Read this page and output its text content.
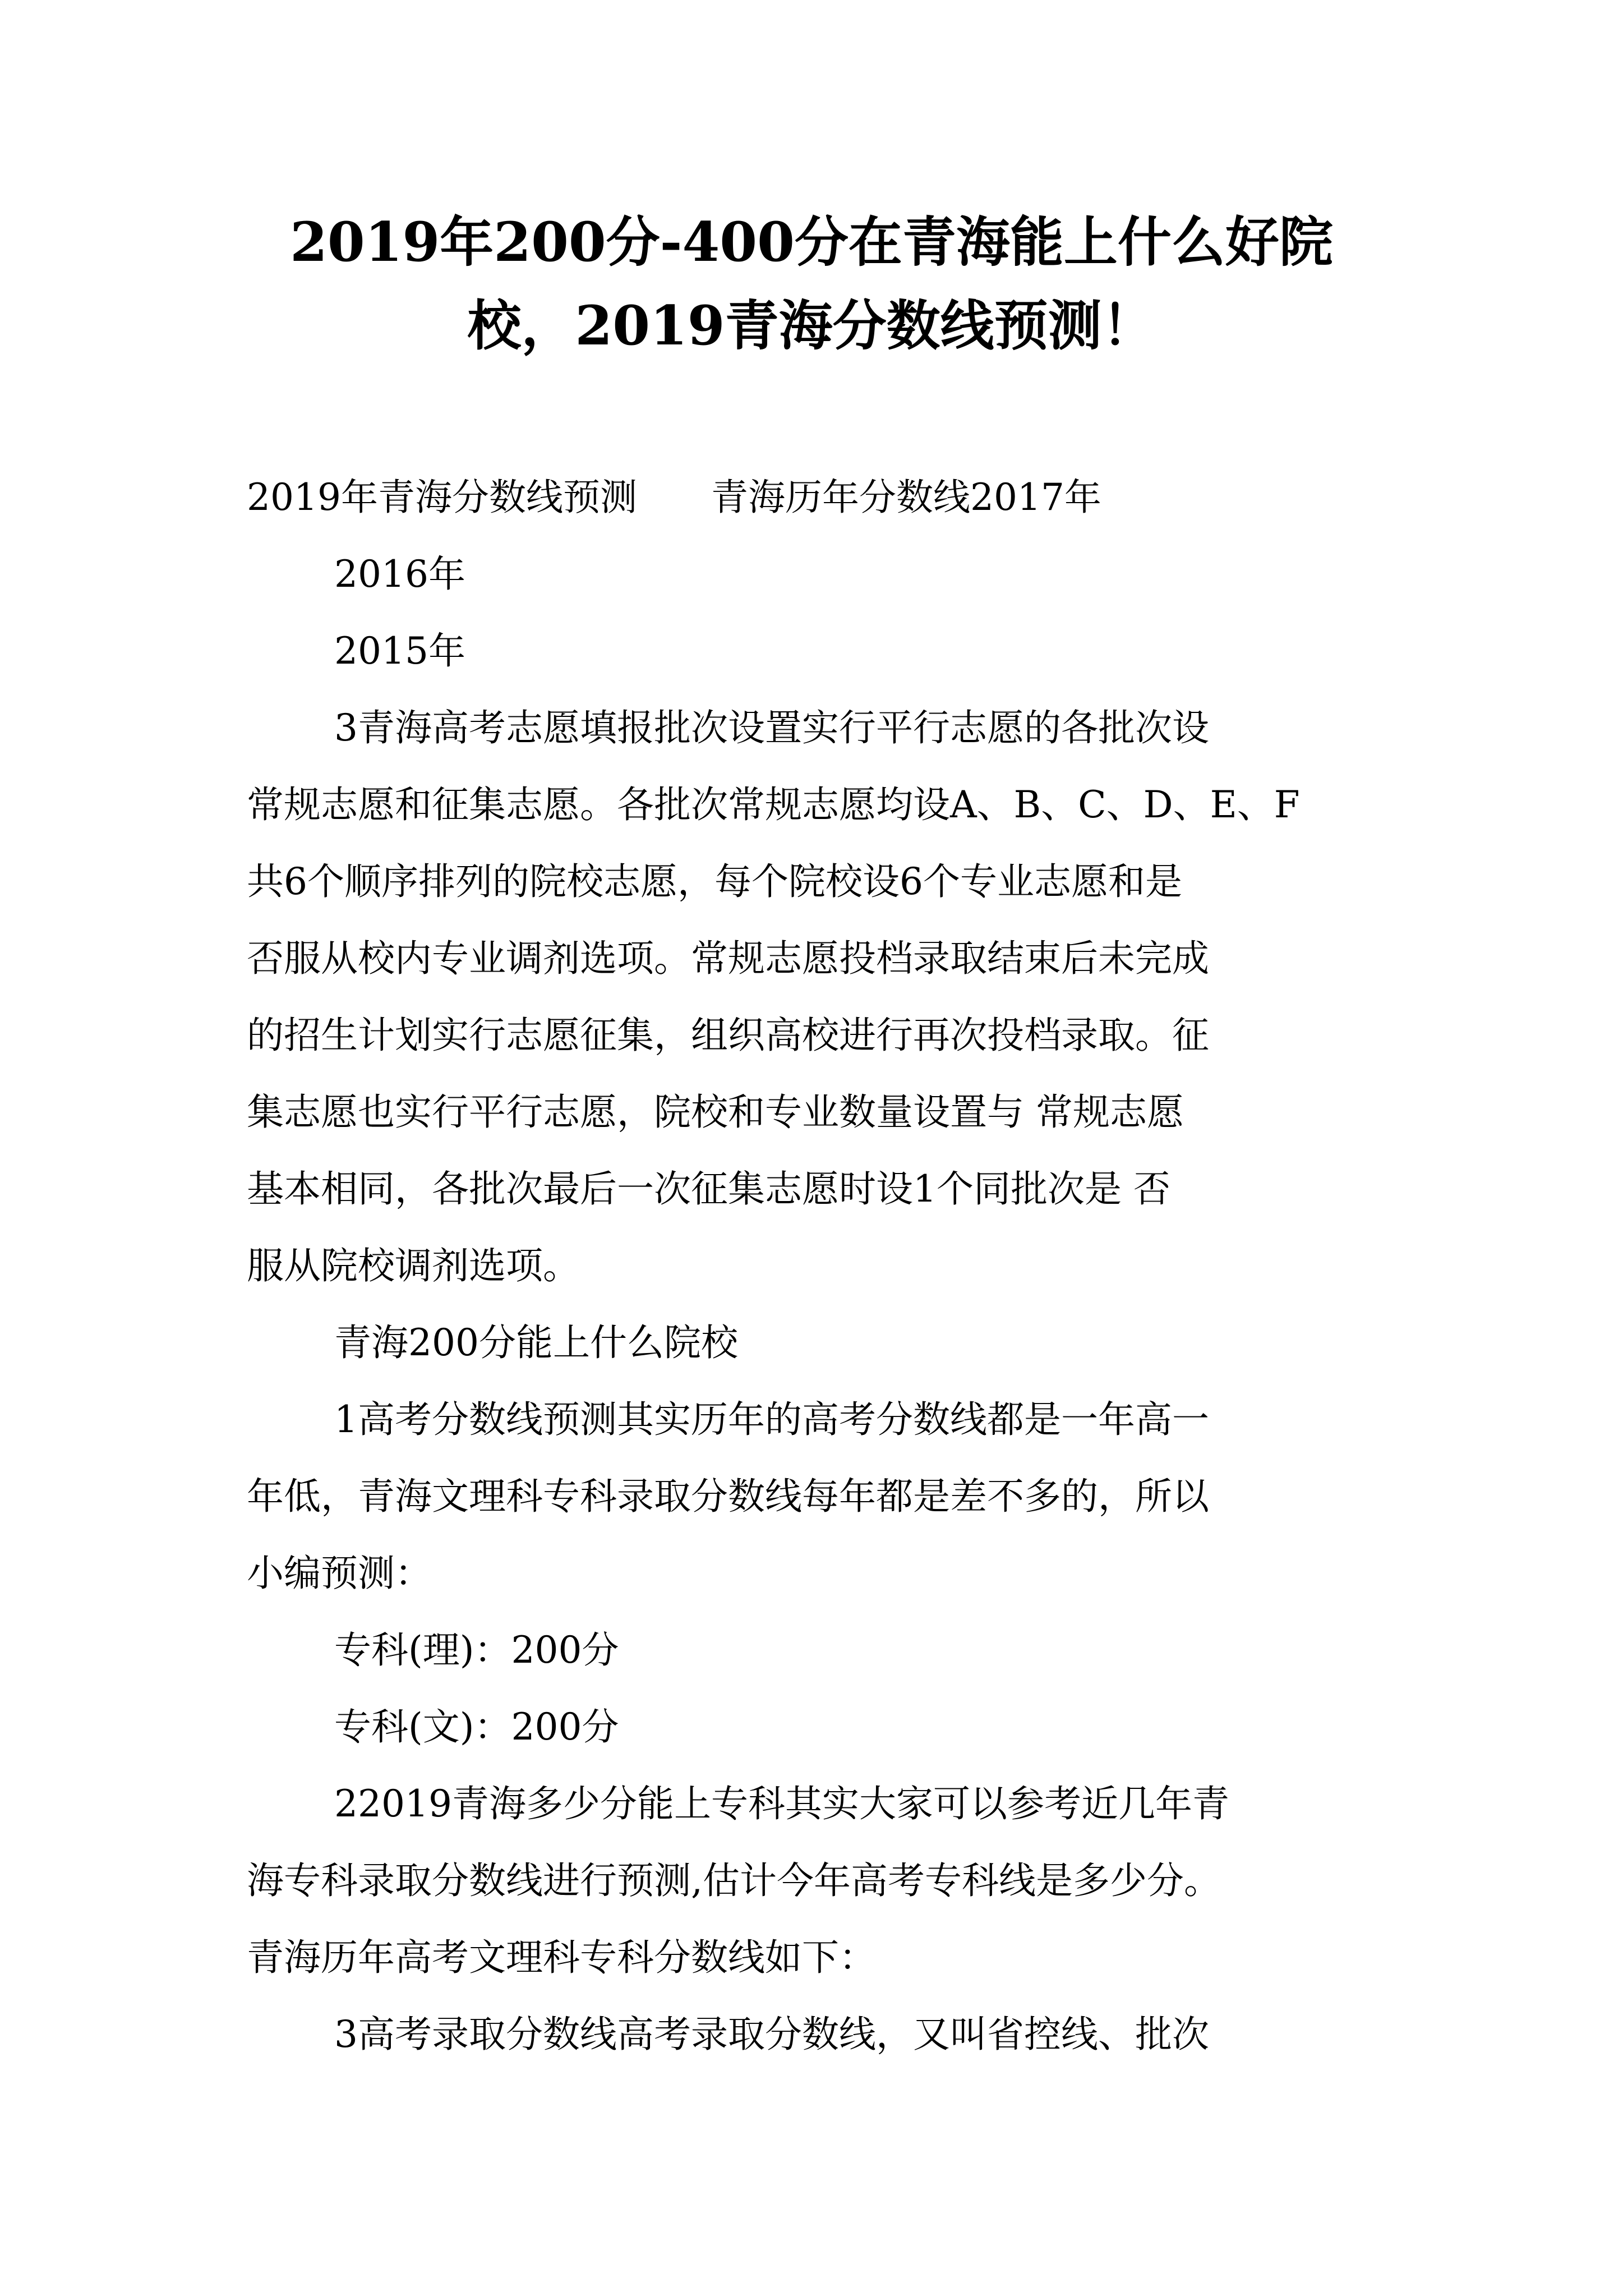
2019年200分-400分在青海能上什么好院
校，2019青海分数线预测！
2019年青海分数线预测　　青海历年分数线2017年
2016年
2015年
3青海高考志愿填报批次设置实行平行志愿的各批次设
常规志愿和征集志愿。各批次常规志愿均设A、B、C、D、E、F
共6个顺序排列的院校志愿，每个院校设6个专业志愿和是
否服从校内专业调剂选项。常规志愿投档录取结束后未完成
的招生计划实行志愿征集，组织高校进行再次投档录取。征
集志愿也实行平行志愿，院校和专业数量设置与 常规志愿
基本相同，各批次最后一次征集志愿时设1个同批次是 否
服从院校调剂选项。
青海200分能上什么院校
1高考分数线预测其实历年的高考分数线都是一年高一
年低，青海文理科专科录取分数线每年都是差不多的，所以
小编预测：
专科(理)：200分
专科(文)：200分
22019青海多少分能上专科其实大家可以参考近几年青
海专科录取分数线进行预测,估计今年高考专科线是多少分。
青海历年高考文理科专科分数线如下：
3高考录取分数线高考录取分数线，又叫省控线、批次
